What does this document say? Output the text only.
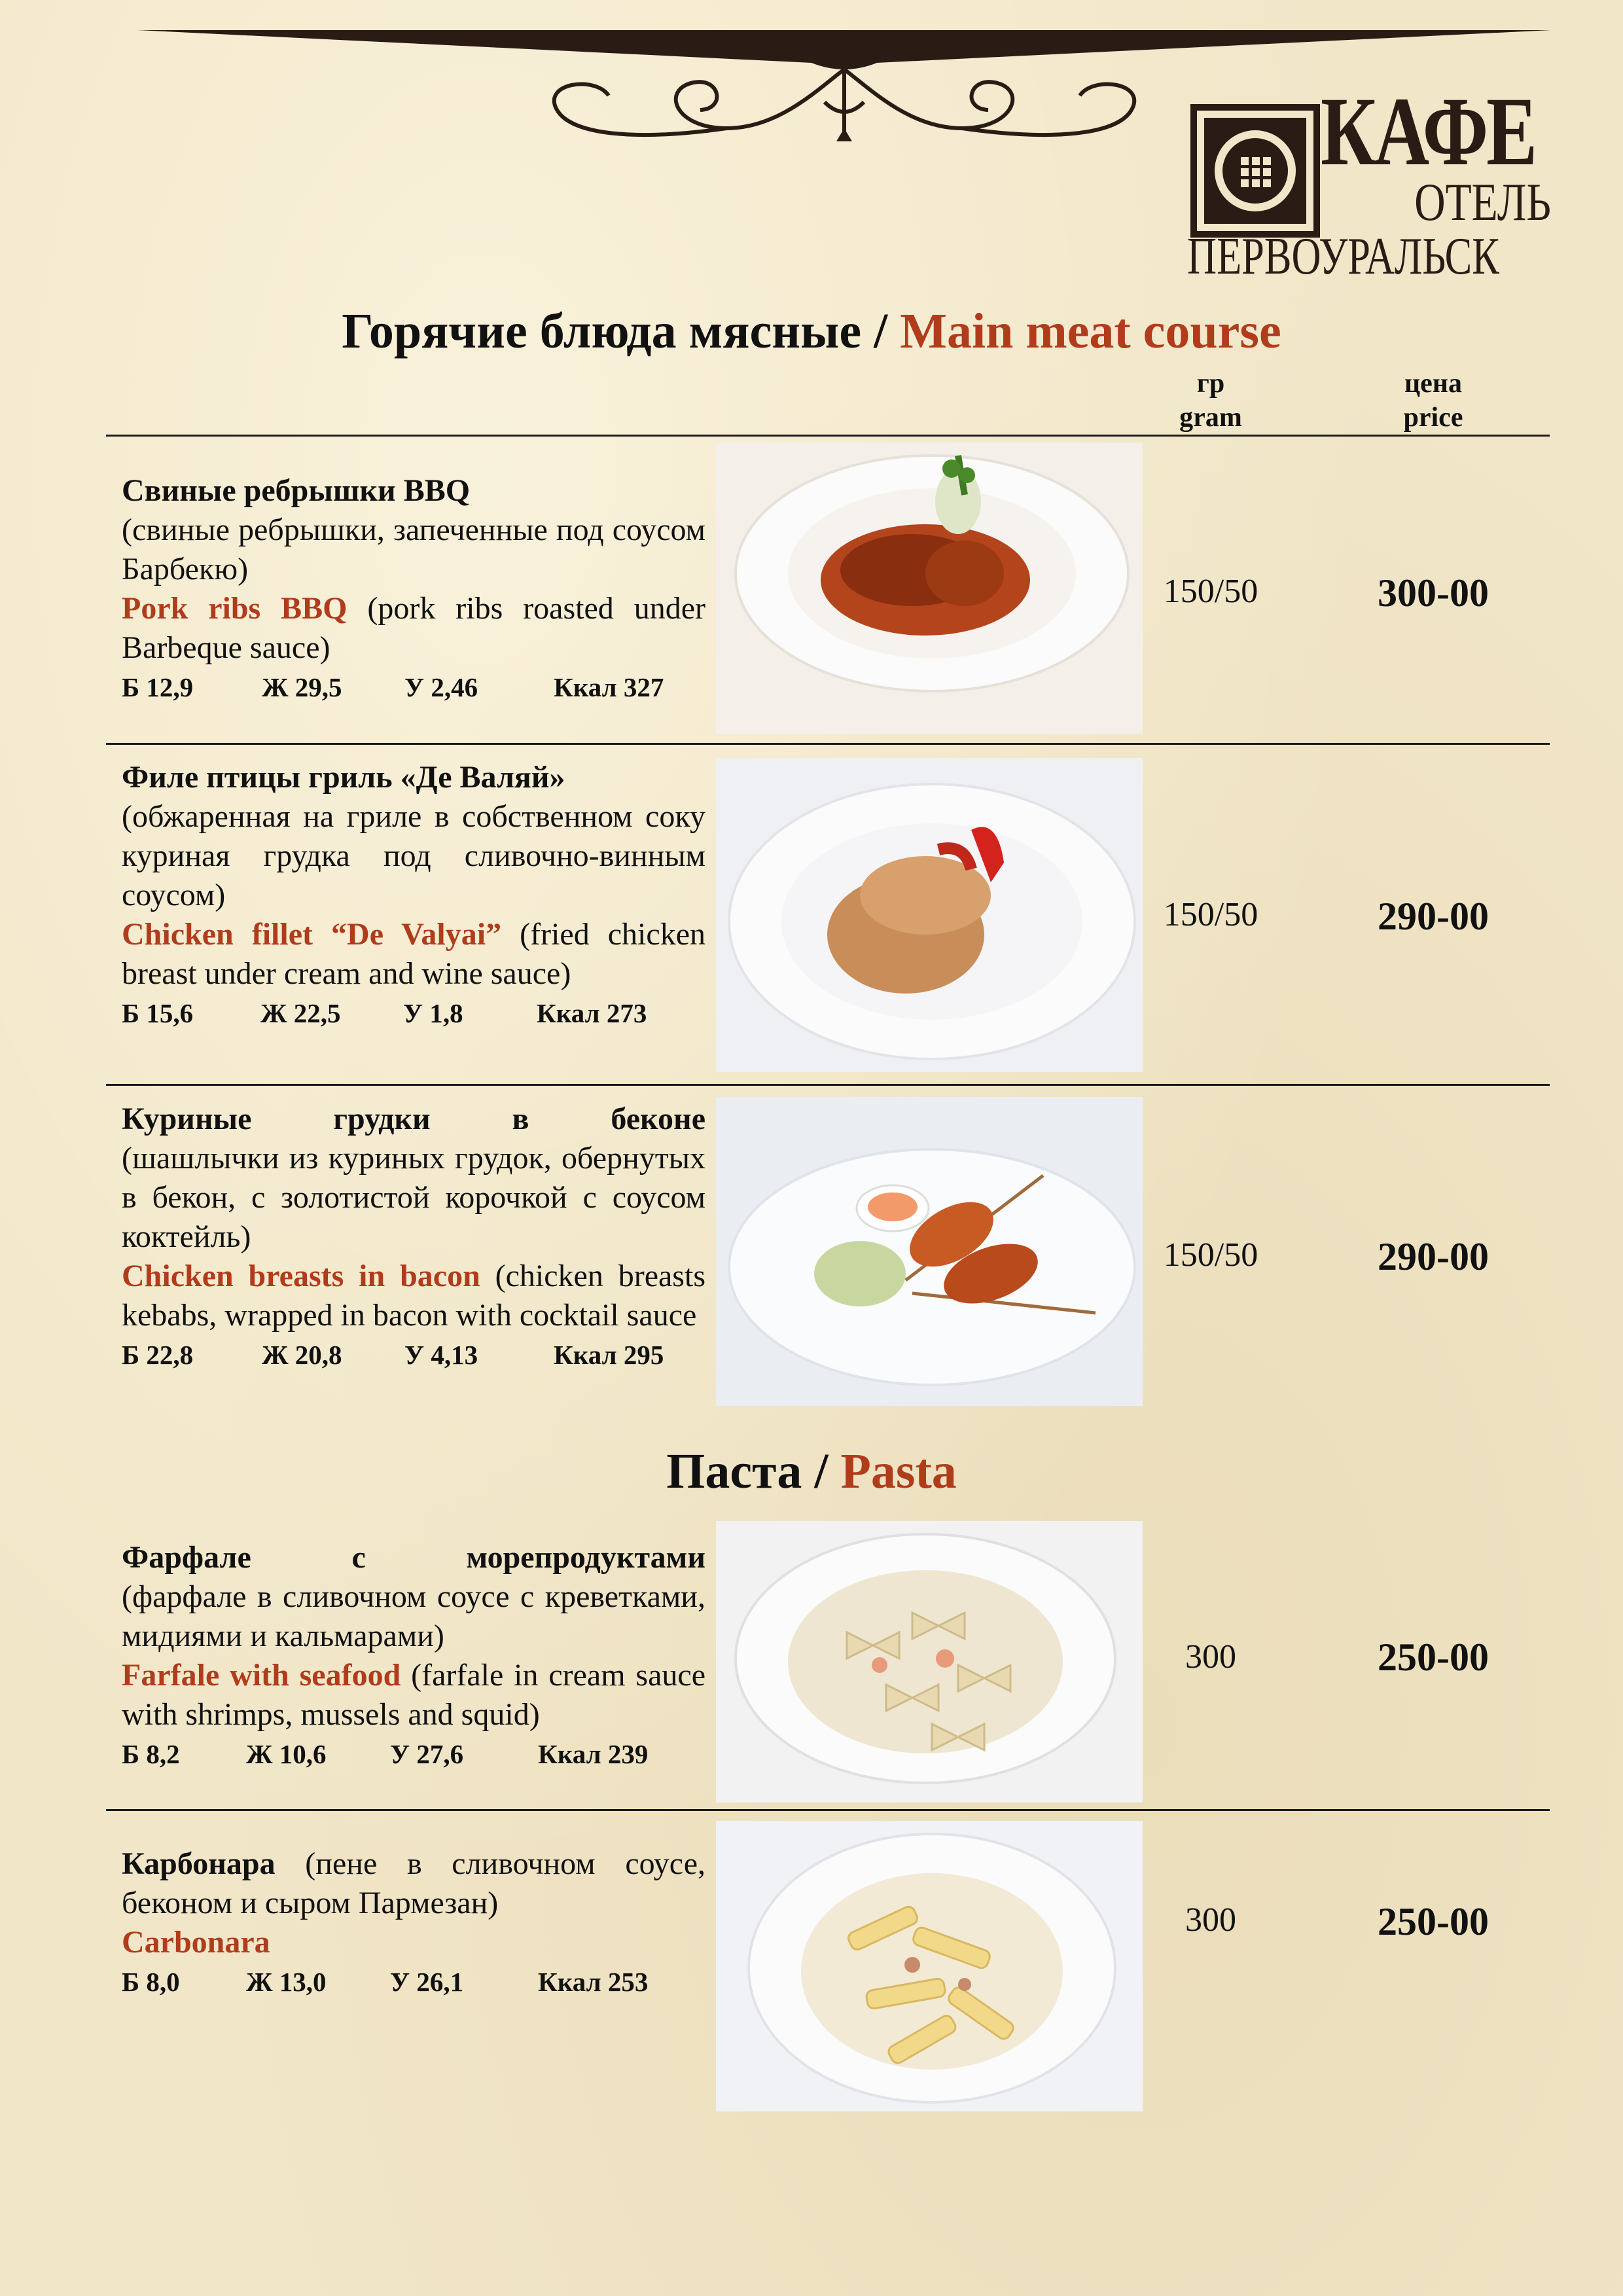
КАФЕ
ОТЕЛЬ
ПЕРВОУРАЛЬСК
Горячие блюда мясные / Main meat course
гр
gram
цена
price

Свиные ребрышки BBQ

(свиные ребрышки, запеченные под соусом Барбекю)

Pork ribs BBQ (pork ribs roasted under Barbeque sauce)

Б 12,9	Ж 29,5	У 2,46	Ккал 327
150/50	300-00

Филе птицы гриль «Де Валяй»

(обжаренная на гриле в собственном соку куриная грудка под сливочно-винным соусом)

Chicken fillet “De Valyai” (fried chicken breast under cream and wine sauce)

Б 15,6	Ж 22,5	У 1,8	Ккал 273
150/50	290-00

Куриные грудки в беконе

(шашлычки из куриных грудок, обернутых в бекон, с золотистой корочкой с соусом коктейль)

Chicken breasts in bacon (chicken breasts kebabs, wrapped in bacon with cocktail sauce

Б 22,8	Ж 20,8	У 4,13	Ккал 295
150/50	290-00
Паста / Pasta

Фарфале с морепродуктами

(фарфале в сливочном соусе с креветками, мидиями и кальмарами)

Farfale with seafood (farfale in cream sauce with shrimps, mussels and squid)

Б 8,2	Ж 10,6	У 27,6	Ккал 239
300	250-00

Карбонара (пене в сливочном соусе, беконом и сыром Пармезан)

Carbonara

Б 8,0	Ж 13,0	У 26,1	Ккал 253
300	250-00
